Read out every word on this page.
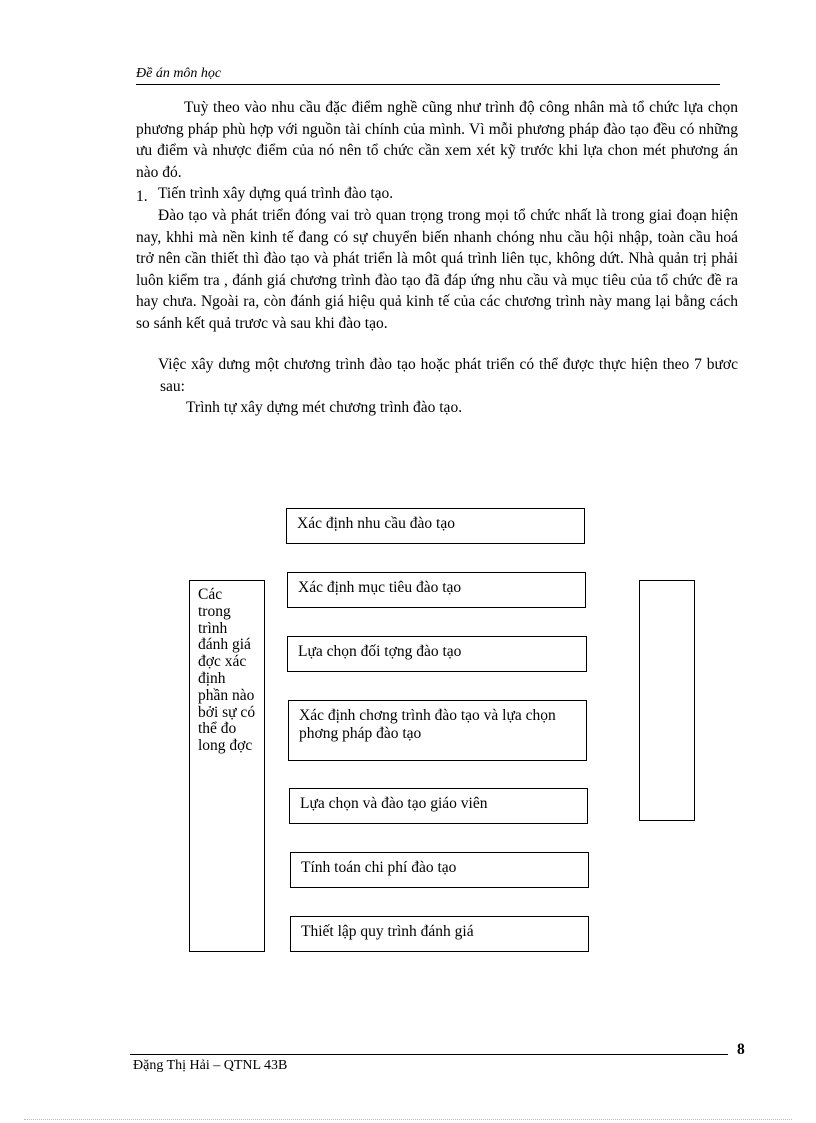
Đề án môn học

Tuỳ theo vào nhu cầu đặc điểm nghề cũng như trình độ công nhân mà tổ chức lựa chọn phương pháp phù hợp với nguồn tài chính của mình. Vì mỗi phương pháp đào tạo đều có những ưu điểm và nhược điểm của nó nên tổ chức cần xem xét kỹ trước khi lựa chon mét phương án nào đó.

1. Tiến trình xây dựng quá trình đào tạo.

Đào tạo và phát triển đóng vai trò quan trọng trong mọi tổ chức nhất là trong giai đoạn hiện nay, khhi mà nền kinh tế đang có sự chuyển biến nhanh chóng nhu cầu hội nhập, toàn cầu hoá trở nên cần thiết thì đào tạo và phát triển là môt quá trình liên tục, không dứt. Nhà quản trị phải luôn kiểm tra , đánh giá chương trình đào tạo đã đáp ứng nhu cầu và mục tiêu của tổ chức đề ra hay chưa. Ngoài ra, còn đánh giá hiệu quả kinh tế của các chương trình này mang lại bằng cách so sánh kết quả trươc và sau khi đào tạo.

Việc xây dưng một chương trình đào tạo hoặc phát triển có thể được thực hiện theo 7 bươc sau:

Trình tự xây dựng mét chương trình đào tạo.

Xác định nhu cầu đào tạo
Xác định mục tiêu đào tạo
Lựa chọn đối tợng đào tạo
Xác định chơng trình đào tạo và lựa chọn phơng pháp đào tạo
Lựa chọn và đào tạo giáo viên
Tính toán chi phí đào tạo
Thiết lập quy trình đánh giá
Các trong trình đánh giá đợc xác định phần nào bởi sự có thể đo long đợc
Đặng Thị Hải – QTNL 43B
8
